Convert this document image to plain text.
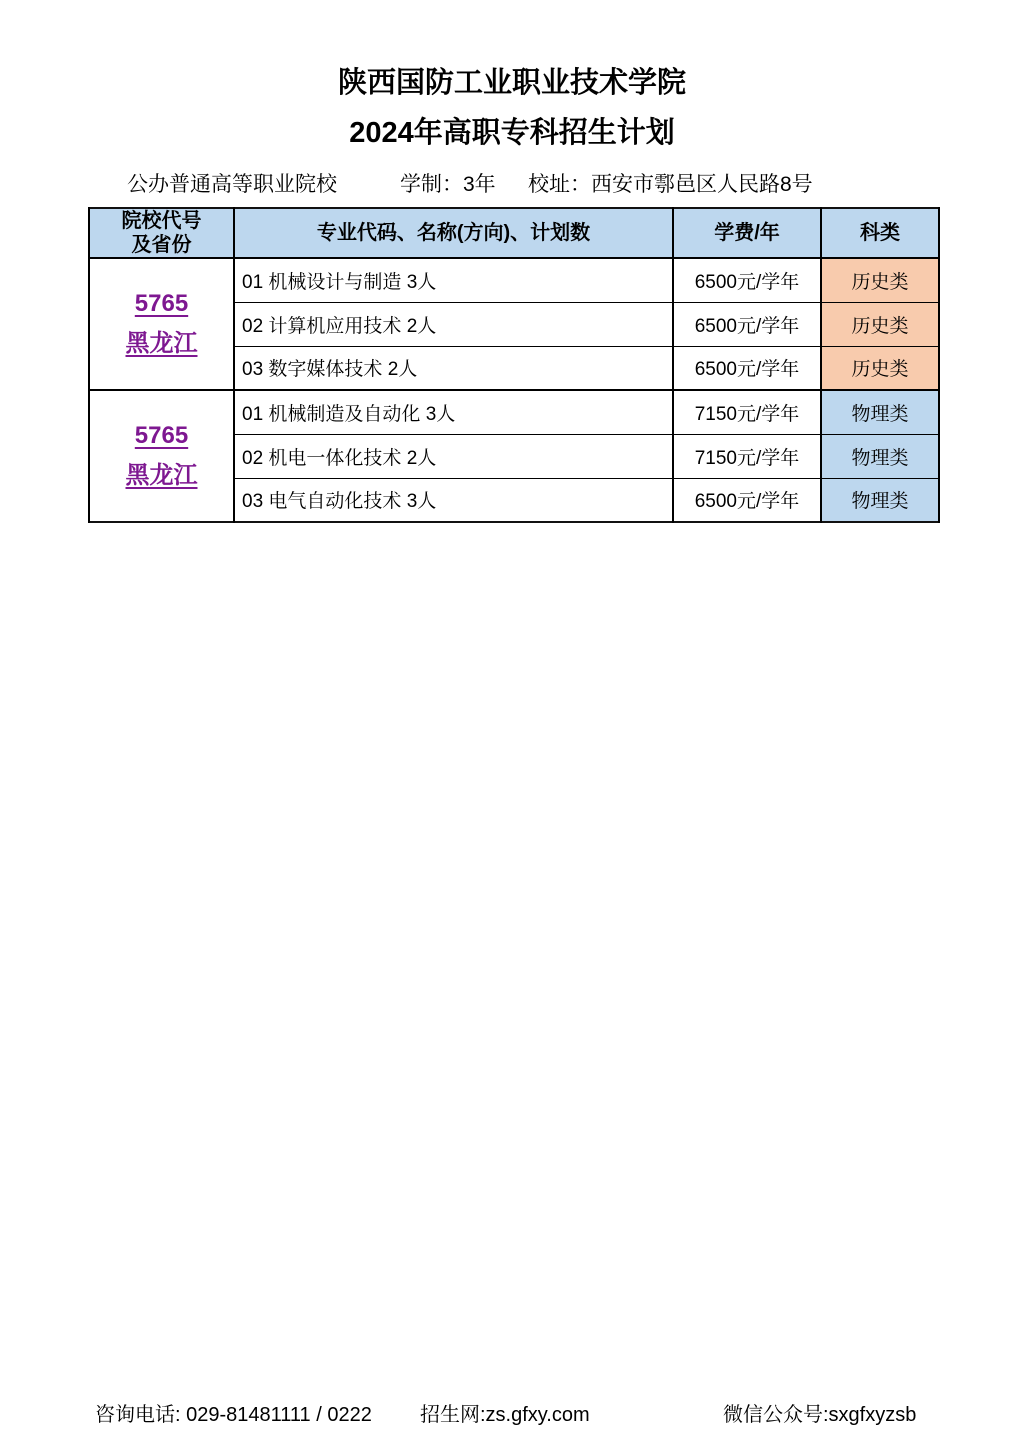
陕西国防工业职业技术学院
2024年高职专科招生计划
公办普通高等职业院校	学制：3年 校址：西安市鄠邑区人民路8号
院校代号
及省份	专业代码、名称(方向)、计划数	学费/年	科类

5765
黑龙江	01 机械设计与制造 3人	6500元/学年	历史类
	02 计算机应用技术 2人	6500元/学年	历史类
	03 数字媒体技术 2人	6500元/学年	历史类

5765
黑龙江	01 机械制造及自动化 3人	7150元/学年	物理类
	02 机电一体化技术 2人	7150元/学年	物理类
	03 电气自动化技术 3人	6500元/学年	物理类
咨询电话: 029-81481111 / 0222 招生网:zs.gfxy.com	微信公众号:sxgfxyzsb
